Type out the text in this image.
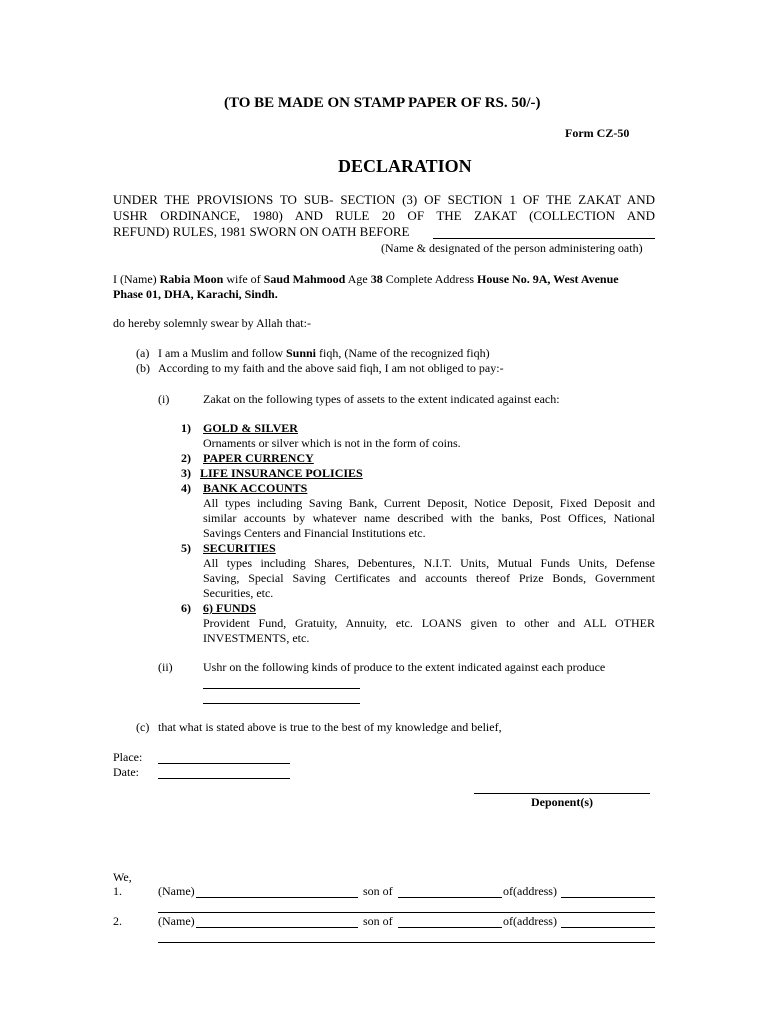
(TO BE MADE ON STAMP PAPER OF RS. 50/-)
Form CZ-50
DECLARATION
UNDER THE PROVISIONS TO SUB- SECTION (3) OF SECTION 1 OF THE ZAKAT AND
USHR ORDINANCE, 1980) AND RULE 20 OF THE ZAKAT (COLLECTION AND
REFUND) RULES, 1981 SWORN ON OATH BEFORE
(Name & designated of the person administering oath)
I (Name) Rabia Moon wife of Saud Mahmood Age 38 Complete Address House No. 9A, West Avenue
Phase 01, DHA, Karachi, Sindh.
do hereby solemnly swear by Allah that:-
(a) I am a Muslim and follow Sunni fiqh, (Name of the recognized fiqh)
(b) According to my faith and the above said fiqh, I am not obliged to pay:-
(i)	Zakat on the following types of assets to the extent indicated against each:
1) GOLD & SILVER
Ornaments or silver which is not in the form of coins.
2) PAPER CURRENCY
3) LIFE INSURANCE POLICIES
4) BANK ACCOUNTS
All types including Saving Bank, Current Deposit, Notice Deposit, Fixed Deposit and
similar accounts by whatever name described with the banks, Post Offices, National
Savings Centers and Financial Institutions etc.
5) SECURITIES
All types including Shares, Debentures, N.I.T. Units, Mutual Funds Units, Defense
Saving, Special Saving Certificates and accounts thereof Prize Bonds, Government
Securities, etc.
6) 6) FUNDS
Provident Fund, Gratuity, Annuity, etc. LOANS given to other and ALL OTHER
INVESTMENTS, etc.
(ii)	Ushr on the following kinds of produce to the extent indicated against each produce
(c) that what is stated above is true to the best of my knowledge and belief,
Place:
Date:
Deponent(s)
We,
1.	(Name)	son of	of(address)
2.	(Name)	son of	of(address)
